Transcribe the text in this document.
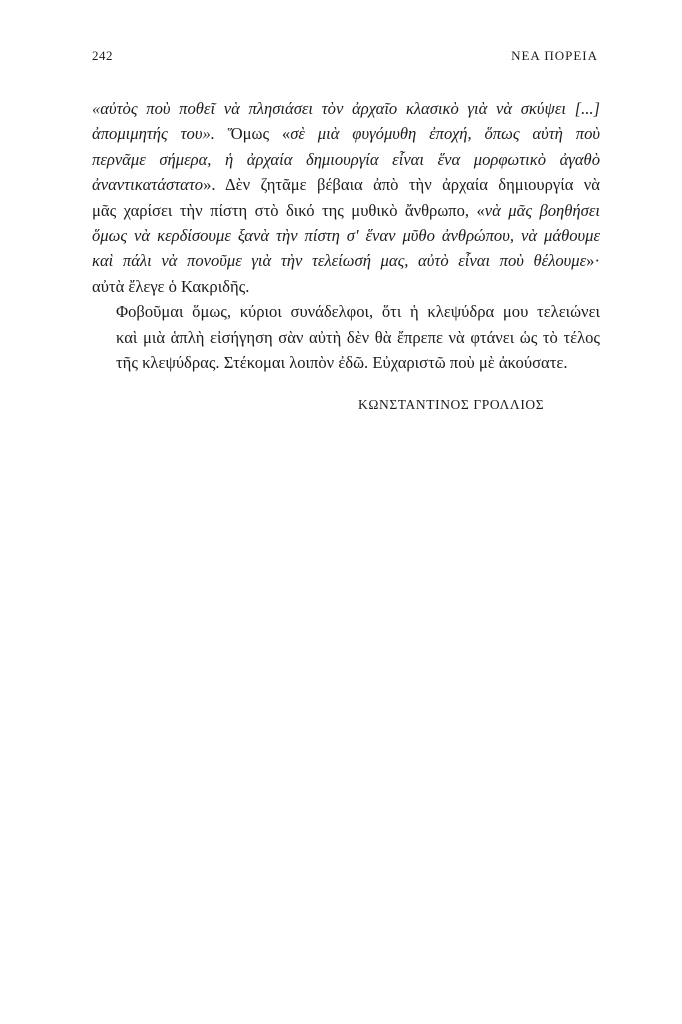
242	ΝΕΑ ΠΟΡΕΙΑ

«αὐτὸς ποὺ ποθεῖ νὰ πλησιάσει τὸν ἀρχαῖο κλασικὸ γιὰ νὰ σκύψει [...]
ἀπομιμητής του». Ὅμως «σὲ μιὰ φυγόμυθη ἐποχή, ὅπως αὐτὴ ποὺ
περνᾶμε σήμερα, ἡ ἀρχαία δημιουργία εἶναι ἕνα μορφωτικὸ ἀγαθὸ
ἀναντικατάστατο». Δὲν ζητᾶμε βέβαια ἀπὸ τὴν ἀρχαία δημιουργία νὰ
μᾶς χαρίσει τὴν πίστη στὸ δικό της μυθικὸ ἄνθρωπο, «νὰ μᾶς βοηθήσει
ὅμως νὰ κερδίσουμε ξανὰ τὴν πίστη σ' ἕναν μῦθο ἀνθρώπου, νὰ μάθουμε
καὶ πάλι νὰ πονοῦμε γιὰ τὴν τελείωσή μας, αὐτὸ εἶναι ποὺ θέλουμε»·
αὐτὰ ἔλεγε ὁ Κακριδῆς.

Φοβοῦμαι ὅμως, κύριοι συνάδελφοι, ὅτι ἡ κλεψύδρα μου τελειώνει
καὶ μιὰ ἁπλὴ εἰσήγηση σὰν αὐτὴ δὲν θὰ ἔπρεπε νὰ φτάνει ὡς τὸ τέλος
τῆς κλεψύδρας. Στέκομαι λοιπὸν ἐδῶ. Εὐχαριστῶ ποὺ μὲ ἀκούσατε.

ΚΩΝΣΤΑΝΤΙΝΟΣ ΓΡΟΛΛΙΟΣ
